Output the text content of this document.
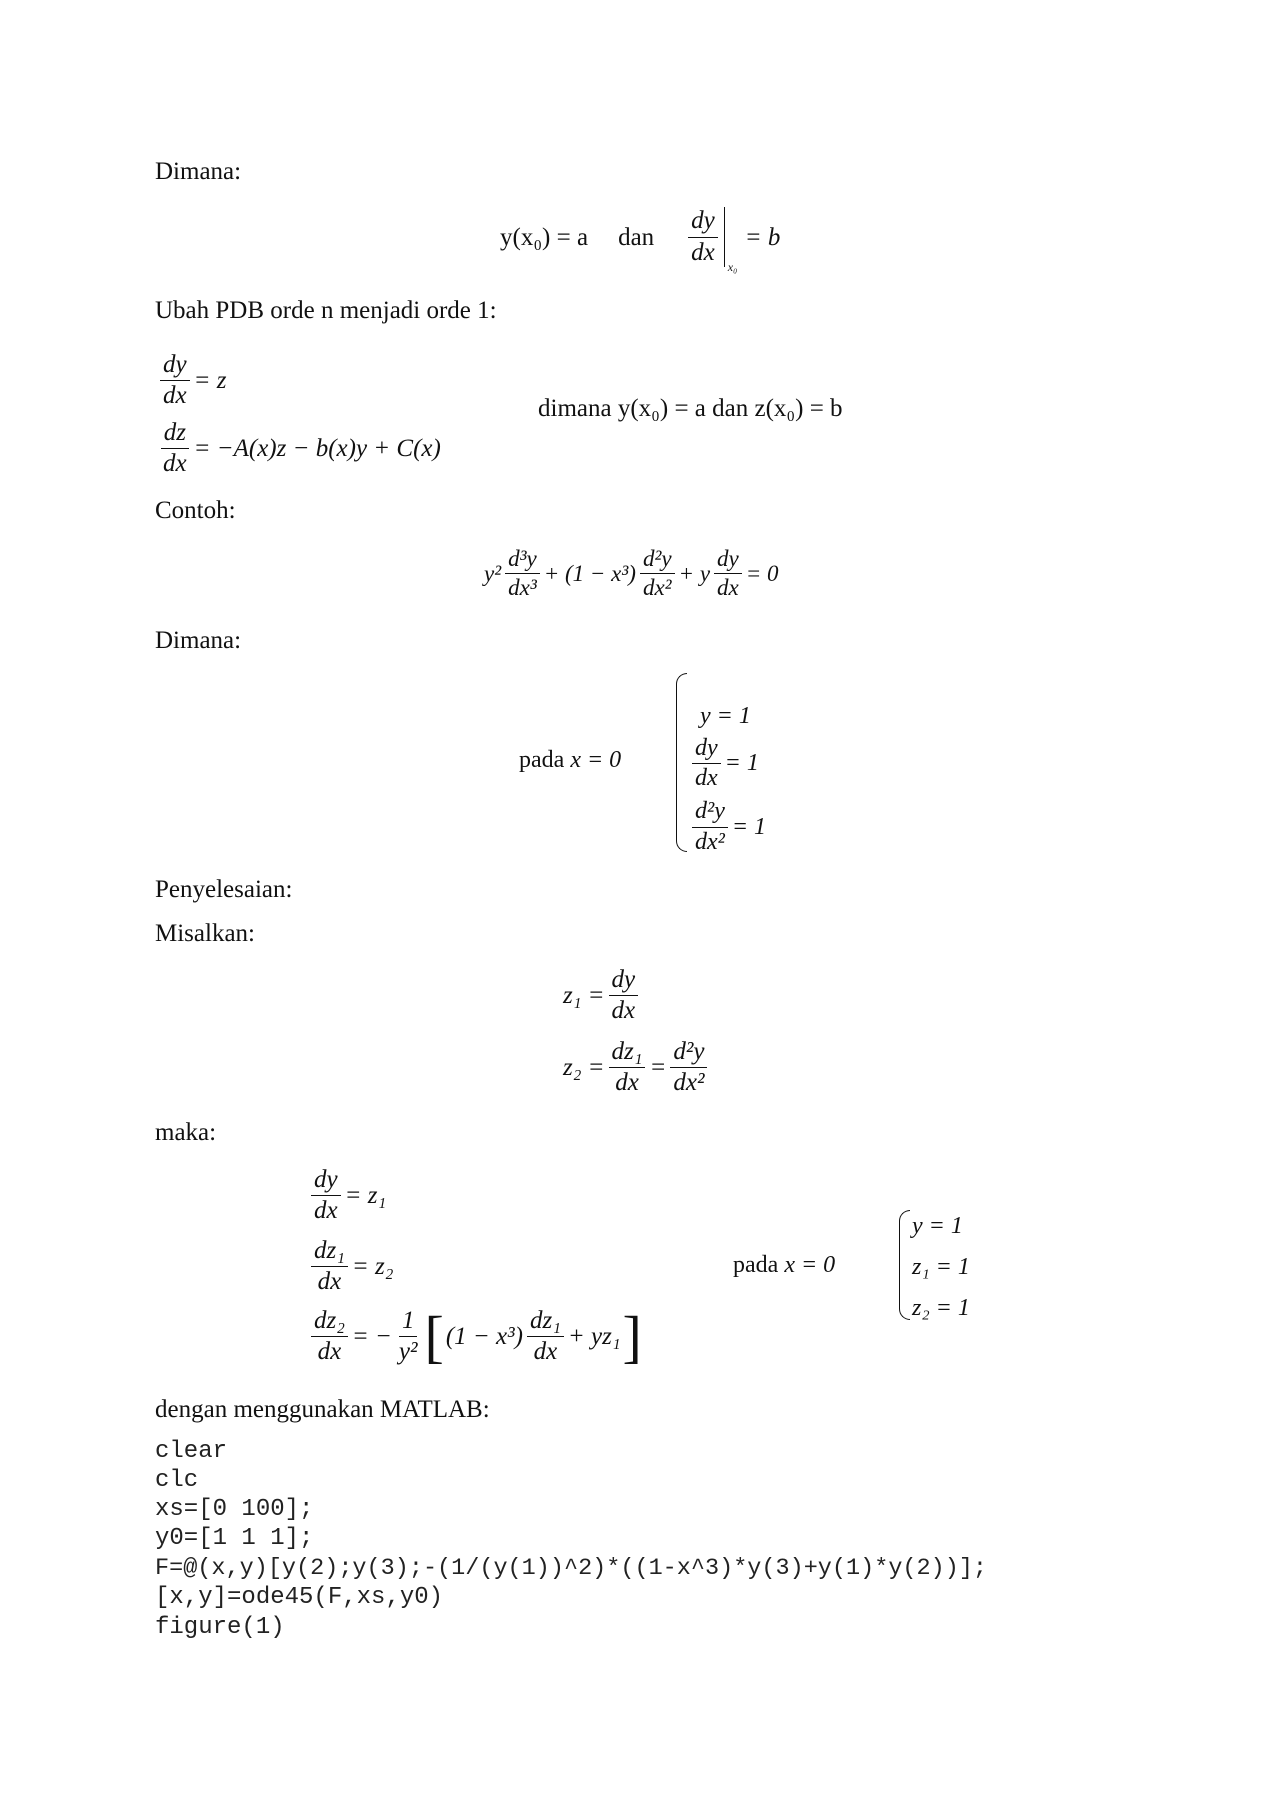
Dimana:
y(x₀) = a dan $\frac{dy}{dx} x_0$
= b
Ubah PDB orde n menjadi orde 1:
$\frac{dy}{dx} = z$
$\frac{dz}{dx} = -A(x)z - b(x)y + C(x)$
dimana y(x₀) = a dan z(x₀) = b
Contoh:
$y^2 \frac{\text{d³y}}{\text{dx³}} + (1 - x^3) \frac{\text{d²y}}{\text{dx²}} + y \frac{dy}{dx} = 0$
Dimana:
pada x = 0
y = 1
$\frac{dy}{dx} = 1$
$\frac{\text{d²y}}{\text{dx²}} = 1$
Penyelesaian:
Misalkan:
$z_1 = \frac{dy}{dx}$
$z_2 = \frac{\text{dz₁}}{dx} = \frac{\text{d²y}}{\text{dx²}}$
maka:
$\frac{dy}{dx} = z_1$
$\frac{\text{dz₁}}{dx} = z_2$
$\frac{\text{dz₂}}{dx}$ = − $\frac{1}{\text{y²}}$ [ $(1 - x^3) \frac{\text{dz₁}}{dx} + yz_1$ ]
pada x = 0
y = 1
z₁ = 1
z₂ = 1
dengan menggunakan MATLAB:
clear
clc
xs=[0 100];
y0=[1 1 1];
F=@(x,y)[y(2);y(3);-(1/(y(1))^2)*((1-x^3)*y(3)+y(1)*y(2))];
[x,y]=ode45(F,xs,y0)
figure(1)
